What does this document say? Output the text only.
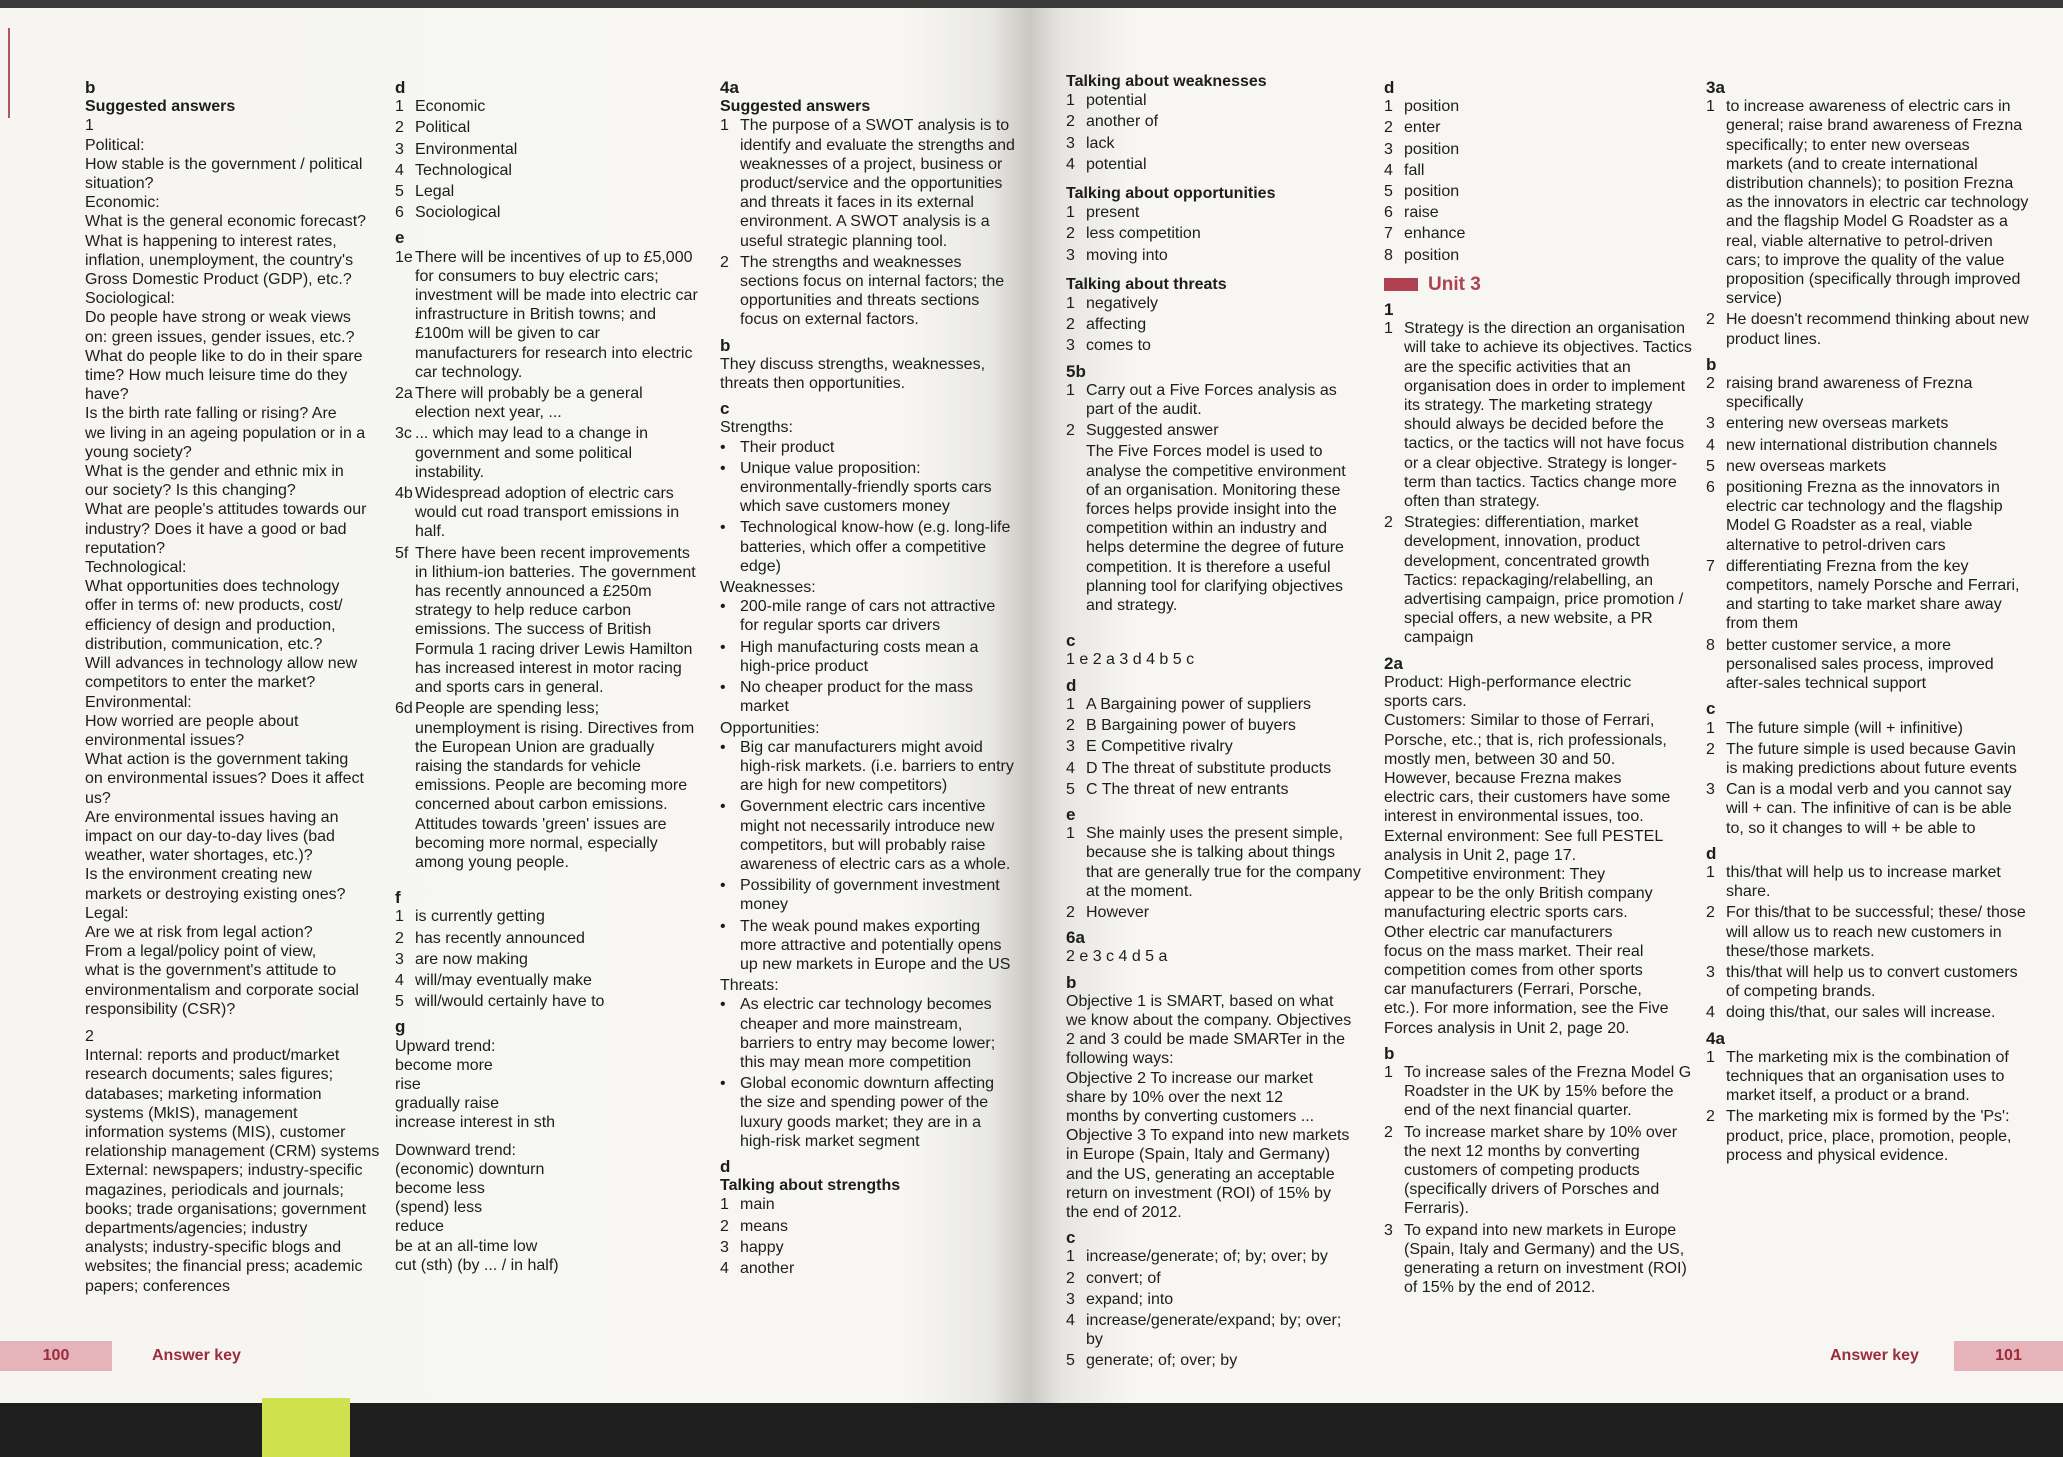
b
Suggested answers
1
Political:
How stable is the government / political
situation?
Economic:
What is the general economic forecast?
What is happening to interest rates,
inflation, unemployment, the country's
Gross Domestic Product (GDP), etc.?
Sociological:
Do people have strong or weak views
on: green issues, gender issues, etc.?
What do people like to do in their spare
time? How much leisure time do they
have?
Is the birth rate falling or rising? Are
we living in an ageing population or in a
young society?
What is the gender and ethnic mix in
our society? Is this changing?
What are people's attitudes towards our
industry? Does it have a good or bad
reputation?
Technological:
What opportunities does technology
offer in terms of: new products, cost/
efficiency of design and production,
distribution, communication, etc.?
Will advances in technology allow new
competitors to enter the market?
Environmental:
How worried are people about
environmental issues?
What action is the government taking
on environmental issues? Does it affect
us?
Are environmental issues having an
impact on our day-to-day lives (bad
weather, water shortages, etc.)?
Is the environment creating new
markets or destroying existing ones?
Legal:
Are we at risk from legal action?
From a legal/policy point of view,
what is the government's attitude to
environmentalism and corporate social
responsibility (CSR)?
2
Internal: reports and product/market
research documents; sales figures;
databases; marketing information
systems (MkIS), management
information systems (MIS), customer
relationship management (CRM) systems
External: newspapers; industry-specific
magazines, periodicals and journals;
books; trade organisations; government
departments/agencies; industry
analysts; industry-specific blogs and
websites; the financial press; academic
papers; conferences
d
1 Economic
2 Political
3 Environmental
4 Technological
5 Legal
6 Sociological
e
1e There will be incentives of up to £5,000 for consumers to buy electric cars; investment will be made into electric car infrastructure in British towns; and £100m will be given to car manufacturers for research into electric car technology.
2a There will probably be a general election next year, ...
3c ... which may lead to a change in government and some political instability.
4b Widespread adoption of electric cars would cut road transport emissions in half.
5f There have been recent improvements in lithium-ion batteries. The government has recently announced a £250m strategy to help reduce carbon emissions. The success of British Formula 1 racing driver Lewis Hamilton has increased interest in motor racing and sports cars in general.
6d People are spending less; unemployment is rising. Directives from the European Union are gradually raising the standards for vehicle emissions. People are becoming more concerned about carbon emissions. Attitudes towards 'green' issues are becoming more normal, especially among young people.
f
1 is currently getting
2 has recently announced
3 are now making
4 will/may eventually make
5 will/would certainly have to
g
Upward trend:
become more
rise
gradually raise
increase interest in sth
Downward trend:
(economic) downturn
become less
(spend) less
reduce
be at an all-time low
cut (sth) (by ... / in half)
4a
Suggested answers
1 The purpose of a SWOT analysis is to identify and evaluate the strengths and weaknesses of a project, business or product/service and the opportunities and threats it faces in its external environment. A SWOT analysis is a useful strategic planning tool.
2 The strengths and weaknesses sections focus on internal factors; the opportunities and threats sections focus on external factors.
b
They discuss strengths, weaknesses,
threats then opportunities.
c
Strengths:
• Their product
• Unique value proposition: environmentally-friendly sports cars which save customers money
• Technological know-how (e.g. long-life batteries, which offer a competitive edge)
Weaknesses:
• 200-mile range of cars not attractive for regular sports car drivers
• High manufacturing costs mean a high-price product
• No cheaper product for the mass market
Opportunities:
• Big car manufacturers might avoid high-risk markets. (i.e. barriers to entry are high for new competitors)
• Government electric cars incentive might not necessarily introduce new competitors, but will probably raise awareness of electric cars as a whole.
• Possibility of government investment money
• The weak pound makes exporting more attractive and potentially opens up new markets in Europe and the US
Threats:
• As electric car technology becomes cheaper and more mainstream, barriers to entry may become lower; this may mean more competition
• Global economic downturn affecting the size and spending power of the luxury goods market; they are in a high-risk market segment
d
Talking about strengths
1 main
2 means
3 happy
4 another
100	Answer key
Talking about weaknesses
1 potential
2 another of
3 lack
4 potential
Talking about opportunities
1 present
2 less competition
3 moving into
Talking about threats
1 negatively
2 affecting
3 comes to
5b
1 Carry out a Five Forces analysis as part of the audit.
2 Suggested answer
The Five Forces model is used to analyse the competitive environment of an organisation. Monitoring these forces helps provide insight into the competition within an industry and helps determine the degree of future competition. It is therefore a useful planning tool for clarifying objectives and strategy.
c
1 e 2 a 3 d 4 b 5 c
d
1 A Bargaining power of suppliers
2 B Bargaining power of buyers
3 E Competitive rivalry
4 D The threat of substitute products
5 C The threat of new entrants
e
1 She mainly uses the present simple, because she is talking about things that are generally true for the company at the moment.
2 However
6a
2 e 3 c 4 d 5 a
b
Objective 1 is SMART, based on what
we know about the company. Objectives
2 and 3 could be made SMARTer in the
following ways:
Objective 2 To increase our market
share by 10% over the next 12
months by converting customers ...
Objective 3 To expand into new markets
in Europe (Spain, Italy and Germany)
and the US, generating an acceptable
return on investment (ROI) of 15% by
the end of 2012.
c
1 increase/generate; of; by; over; by
2 convert; of
3 expand; into
4 increase/generate/expand; by; over; by
5 generate; of; over; by
d
1 position
2 enter
3 position
4 fall
5 position
6 raise
7 enhance
8 position
Unit 3
1
1 Strategy is the direction an organisation will take to achieve its objectives. Tactics are the specific activities that an organisation does in order to implement its strategy. The marketing strategy should always be decided before the tactics, or the tactics will not have focus or a clear objective. Strategy is longer-term than tactics. Tactics change more often than strategy.
2 Strategies: differentiation, market development, innovation, product development, concentrated growth Tactics: repackaging/relabelling, an advertising campaign, price promotion / special offers, a new website, a PR campaign
2a
Product: High-performance electric
sports cars.
Customers: Similar to those of Ferrari,
Porsche, etc.; that is, rich professionals,
mostly men, between 30 and 50.
However, because Frezna makes
electric cars, their customers have some
interest in environmental issues, too.
External environment: See full PESTEL
analysis in Unit 2, page 17.
Competitive environment: They
appear to be the only British company
manufacturing electric sports cars.
Other electric car manufacturers
focus on the mass market. Their real
competition comes from other sports
car manufacturers (Ferrari, Porsche,
etc.). For more information, see the Five
Forces analysis in Unit 2, page 20.
b
1 To increase sales of the Frezna Model G Roadster in the UK by 15% before the end of the next financial quarter.
2 To increase market share by 10% over the next 12 months by converting customers of competing products (specifically drivers of Porsches and Ferraris).
3 To expand into new markets in Europe (Spain, Italy and Germany) and the US, generating a return on investment (ROI) of 15% by the end of 2012.
3a
1 to increase awareness of electric cars in general; raise brand awareness of Frezna specifically; to enter new overseas markets (and to create international distribution channels); to position Frezna as the innovators in electric car technology and the flagship Model G Roadster as a real, viable alternative to petrol-driven cars; to improve the quality of the value proposition (specifically through improved service)
2 He doesn't recommend thinking about new product lines.
b
2 raising brand awareness of Frezna specifically
3 entering new overseas markets
4 new international distribution channels
5 new overseas markets
6 positioning Frezna as the innovators in electric car technology and the flagship Model G Roadster as a real, viable alternative to petrol-driven cars
7 differentiating Frezna from the key competitors, namely Porsche and Ferrari, and starting to take market share away from them
8 better customer service, a more personalised sales process, improved after-sales technical support
c
1 The future simple (will + infinitive)
2 The future simple is used because Gavin is making predictions about future events
3 Can is a modal verb and you cannot say will + can. The infinitive of can is be able to, so it changes to will + be able to
d
1 this/that will help us to increase market share.
2 For this/that to be successful; these/ those will allow us to reach new customers in these/those markets.
3 this/that will help us to convert customers of competing brands.
4 doing this/that, our sales will increase.
4a
1 The marketing mix is the combination of techniques that an organisation uses to market itself, a product or a brand.
2 The marketing mix is formed by the 'Ps': product, price, place, promotion, people, process and physical evidence.
Answer key	101
